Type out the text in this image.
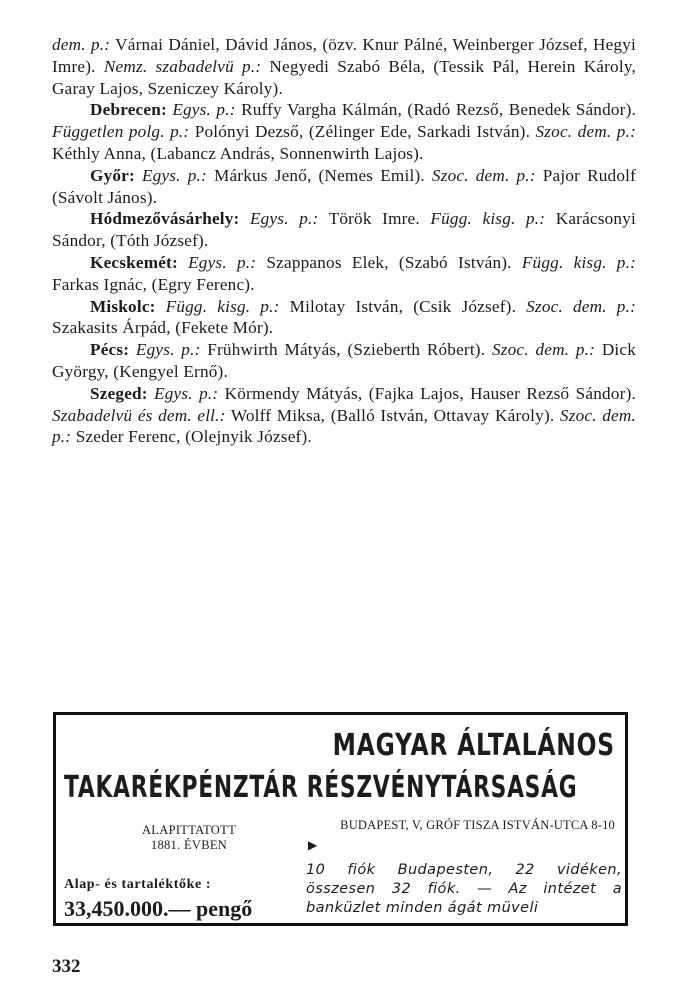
dem. p.: Várnai Dániel, Dávid János, (özv. Knur Pálné, Weinberger József, Hegyi Imre). Nemz. szabadelvü p.: Negyedi Szabó Béla, (Tessik Pál, Herein Károly, Garay Lajos, Szeniczey Károly).

Debrecen: Egys. p.: Ruffy Vargha Kálmán, (Radó Rezső, Benedek Sándor). Független polg. p.: Polónyi Dezső, (Zélinger Ede, Sarkadi István). Szoc. dem. p.: Kéthly Anna, (Labancz András, Sonnenwirth Lajos).

Győr: Egys. p.: Márkus Jenő, (Nemes Emil). Szoc. dem. p.: Pajor Rudolf (Sávolt János).

Hódmezővásárhely: Egys. p.: Török Imre. Függ. kisg. p.: Karácsonyi Sándor, (Tóth József).

Kecskemét: Egys. p.: Szappanos Elek, (Szabó István). Függ. kisg. p.: Farkas Ignác, (Egry Ferenc).

Miskolc: Függ. kisg. p.: Milotay István, (Csik József). Szoc. dem. p.: Szakasits Árpád, (Fekete Mór).

Pécs: Egys. p.: Frühwirth Mátyás, (Szieberth Róbert). Szoc. dem. p.: Dick György, (Kengyel Ernő).

Szeged: Egys. p.: Körmendy Mátyás, (Fajka Lajos, Hauser Rezső Sándor). Szabadelvü és dem. ell.: Wolff Miksa, (Balló István, Ottavay Károly). Szoc. dem. p.: Szeder Ferenc, (Olejnyik József).

MAGYAR ÁLTALÁNOS
TAKARÉKPÉNZTÁR RÉSZVÉNYTÁRSASÁG
ALAPITTATOTT
1881. ÉVBEN
Alap- és tartaléktőke :
33,450.000.— pengő
BUDAPEST, V, GRÓF TISZA ISTVÁN-UTCA 8-10
▶
10 fiók Budapesten, 22 vidéken, összesen 32 fiók. — Az intézet a banküzlet minden ágát müveli
332
